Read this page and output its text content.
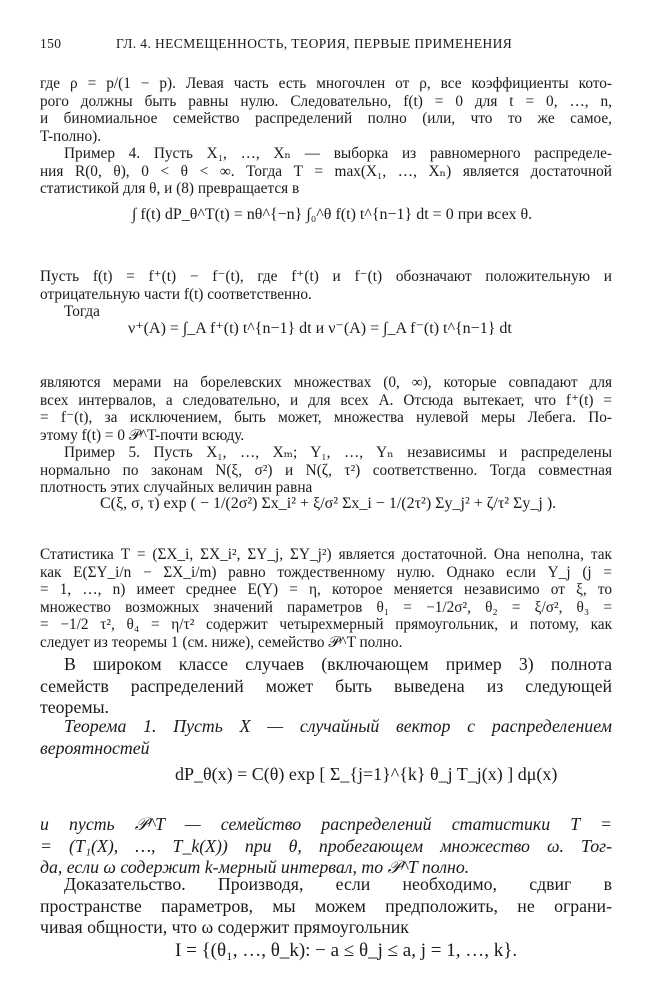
150	ГЛ. 4. НЕСМЕЩЕННОСТЬ, ТЕОРИЯ, ПЕРВЫЕ ПРИМЕНЕНИЯ
где ρ = p/(1 − p). Левая часть есть многочлен от ρ, все коэффициенты кото-
рого должны быть равны нулю. Следовательно, f(t) = 0 для t = 0, …, n,
и биномиальное семейство распределений полно (или, что то же самое,
T-полно).
Пример 4. Пусть X₁, …, Xₙ — выборка из равномерного распределе-
ния R(0, θ), 0 < θ < ∞. Тогда T = max(X₁, …, Xₙ) является достаточной
статистикой для θ, и (8) превращается в
∫ f(t) dP_θ^T(t) = nθ^{−n} ∫₀^θ f(t) t^{n−1} dt = 0 при всех θ.
Пусть f(t) = f⁺(t) − f⁻(t), где f⁺(t) и f⁻(t) обозначают положительную и
отрицательную части f(t) соответственно.
Тогда
ν⁺(A) = ∫_A f⁺(t) t^{n−1} dt и ν⁻(A) = ∫_A f⁻(t) t^{n−1} dt
являются мерами на борелевских множествах (0, ∞), которые совпадают для
всех интервалов, а следовательно, и для всех A. Отсюда вытекает, что f⁺(t) =
= f⁻(t), за исключением, быть может, множества нулевой меры Лебега. По-
этому f(t) = 0 𝒫^T-почти всюду.
Пример 5. Пусть X₁, …, Xₘ; Y₁, …, Yₙ независимы и распределены
нормально по законам N(ξ, σ²) и N(ζ, τ²) соответственно. Тогда совместная
плотность этих случайных величин равна
C(ξ, σ, τ) exp ( − 1/(2σ²) Σx_i² + ξ/σ² Σx_i − 1/(2τ²) Σy_j² + ζ/τ² Σy_j ).
Статистика T = (ΣX_i, ΣX_i², ΣY_j, ΣY_j²) является достаточной. Она неполна, так
как E(ΣY_i/n − ΣX_i/m) равно тождественному нулю. Однако если Y_j (j =
= 1, …, n) имеет среднее E(Y) = η, которое меняется независимо от ξ, то
множество возможных значений параметров θ₁ = −1/2σ², θ₂ = ξ/σ², θ₃ =
= −1/2 τ², θ₄ = η/τ² содержит четырехмерный прямоугольник, и потому, как
следует из теоремы 1 (см. ниже), семейство 𝒫^T полно.
В широком классе случаев (включающем пример 3) полнота
семейств распределений может быть выведена из следующей
теоремы.
Теорема 1. Пусть X — случайный вектор с распределением
вероятностей
dP_θ(x) = C(θ) exp [ Σ_{j=1}^{k} θ_j T_j(x) ] dμ(x)
и пусть 𝒫^T — семейство распределений статистики T =
= (T₁(X), …, T_k(X)) при θ, пробегающем множество ω. Тог-
да, если ω содержит k-мерный интервал, то 𝒫^T полно.
Доказательство. Производя, если необходимо, сдвиг в
пространстве параметров, мы можем предположить, не ограни-
чивая общности, что ω содержит прямоугольник
I = {(θ₁, …, θ_k): − a ≤ θ_j ≤ a, j = 1, …, k}.
